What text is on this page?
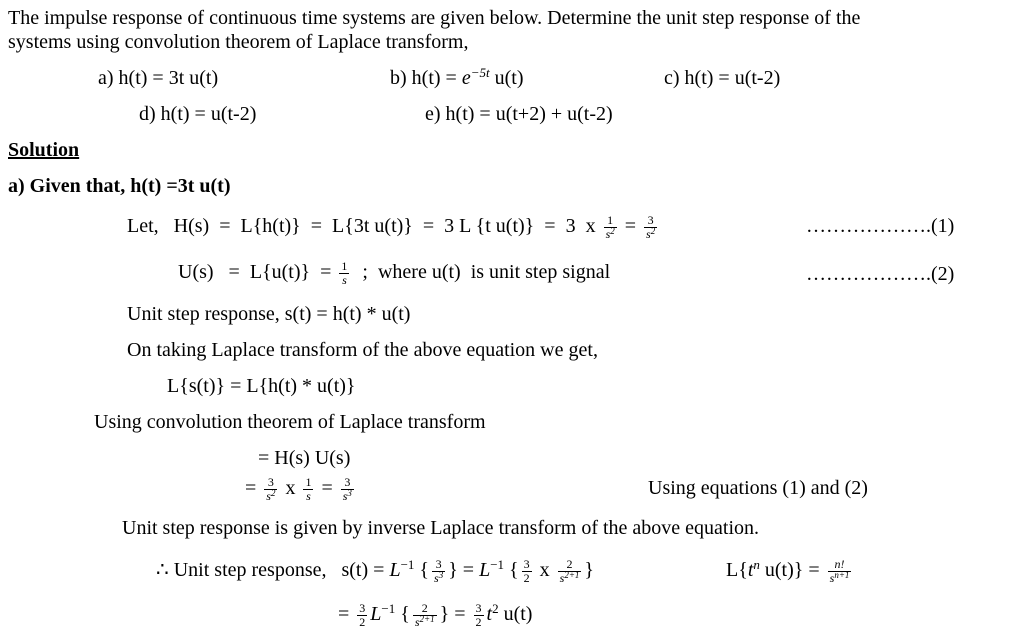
The impulse response of continuous time systems are given below. Determine the unit step response of the
systems using convolution theorem of Laplace transform,
a) h(t) = 3t u(t)	b) $h(t) = e^{-5t}$ u(t)	c) h(t) = u(t-2)
d) h(t) = u(t-2)	e) h(t) = u(t+2) + u(t-2)
Solution
a) Given that, h(t) =3t u(t)
Let,   H(s)  =  L{h(t)}  =  L{3t u(t)}  =  3 L {t u(t)}  =  3  x $\frac{1}{s^2} = \frac{3}{s^2}$	……………….(1)
$U(s) = L\{u(t)\} = \frac{1}{s}$ ;  where u(t)  is unit step signal	……………….(2)
Unit step response, s(t) = h(t) * u(t)
On taking Laplace transform of the above equation we get,
L{s(t)} = L{h(t) * u(t)}
Using convolution theorem of Laplace transform
= H(s) U(s)
= $\frac{3}{s^2}$ x $\frac{1}{s} = \frac{3}{s^3}$	Using equations (1) and (2)
Unit step response is given by inverse Laplace transform of the above equation.
∴ Unit step response,   $s(t) = L^{-1}$ { $\frac{3}{s^3}$ } = $L^{-1}$ { $\frac{3}{2}$ x $\frac{2}{s^{2+1}}$ }	$L\{t^n$ $u(t)\} = \frac{n!}{s^{n+1}}$
= $\frac{3}{2} L^{-1}$ { $\frac{2}{s^{2+1}}$ } = $\frac{3}{2} t^2$ u(t)
